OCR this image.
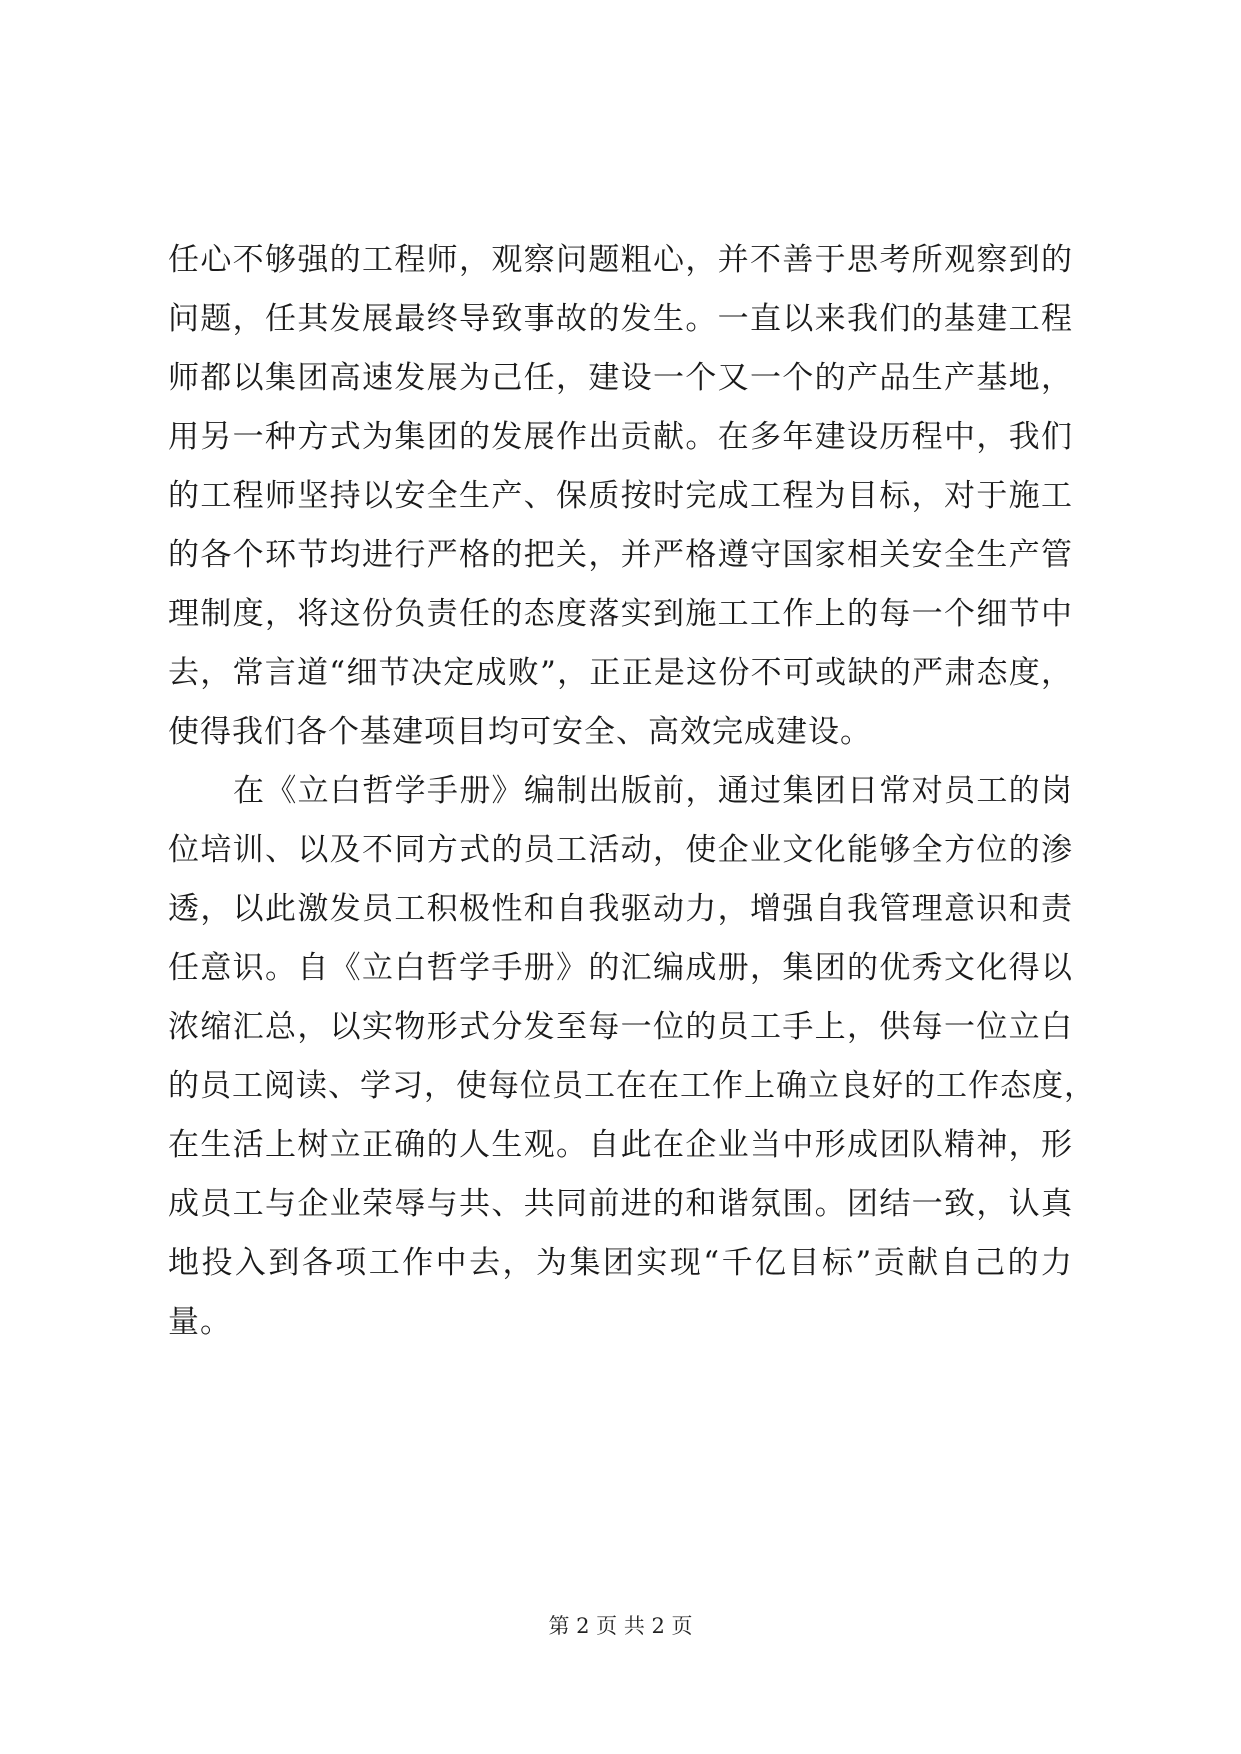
任心不够强的工程师，观察问题粗心，并不善于思考所观察到的
问题，任其发展最终导致事故的发生。一直以来我们的基建工程
师都以集团高速发展为己任，建设一个又一个的产品生产基地，
用另一种方式为集团的发展作出贡献。在多年建设历程中，我们
的工程师坚持以安全生产、保质按时完成工程为目标，对于施工
的各个环节均进行严格的把关，并严格遵守国家相关安全生产管
理制度，将这份负责任的态度落实到施工工作上的每一个细节中
去，常言道“细节决定成败”，正正是这份不可或缺的严肃态度，
使得我们各个基建项目均可安全、高效完成建设。
在《立白哲学手册》编制出版前，通过集团日常对员工的岗
位培训、以及不同方式的员工活动，使企业文化能够全方位的渗
透，以此激发员工积极性和自我驱动力，增强自我管理意识和责
任意识。自《立白哲学手册》的汇编成册，集团的优秀文化得以
浓缩汇总，以实物形式分发至每一位的员工手上，供每一位立白
的员工阅读、学习，使每位员工在在工作上确立良好的工作态度，
在生活上树立正确的人生观。自此在企业当中形成团队精神，形
成员工与企业荣辱与共、共同前进的和谐氛围。团结一致，认真
地投入到各项工作中去，为集团实现“千亿目标”贡献自己的力
量。
第 2 页 共 2 页
